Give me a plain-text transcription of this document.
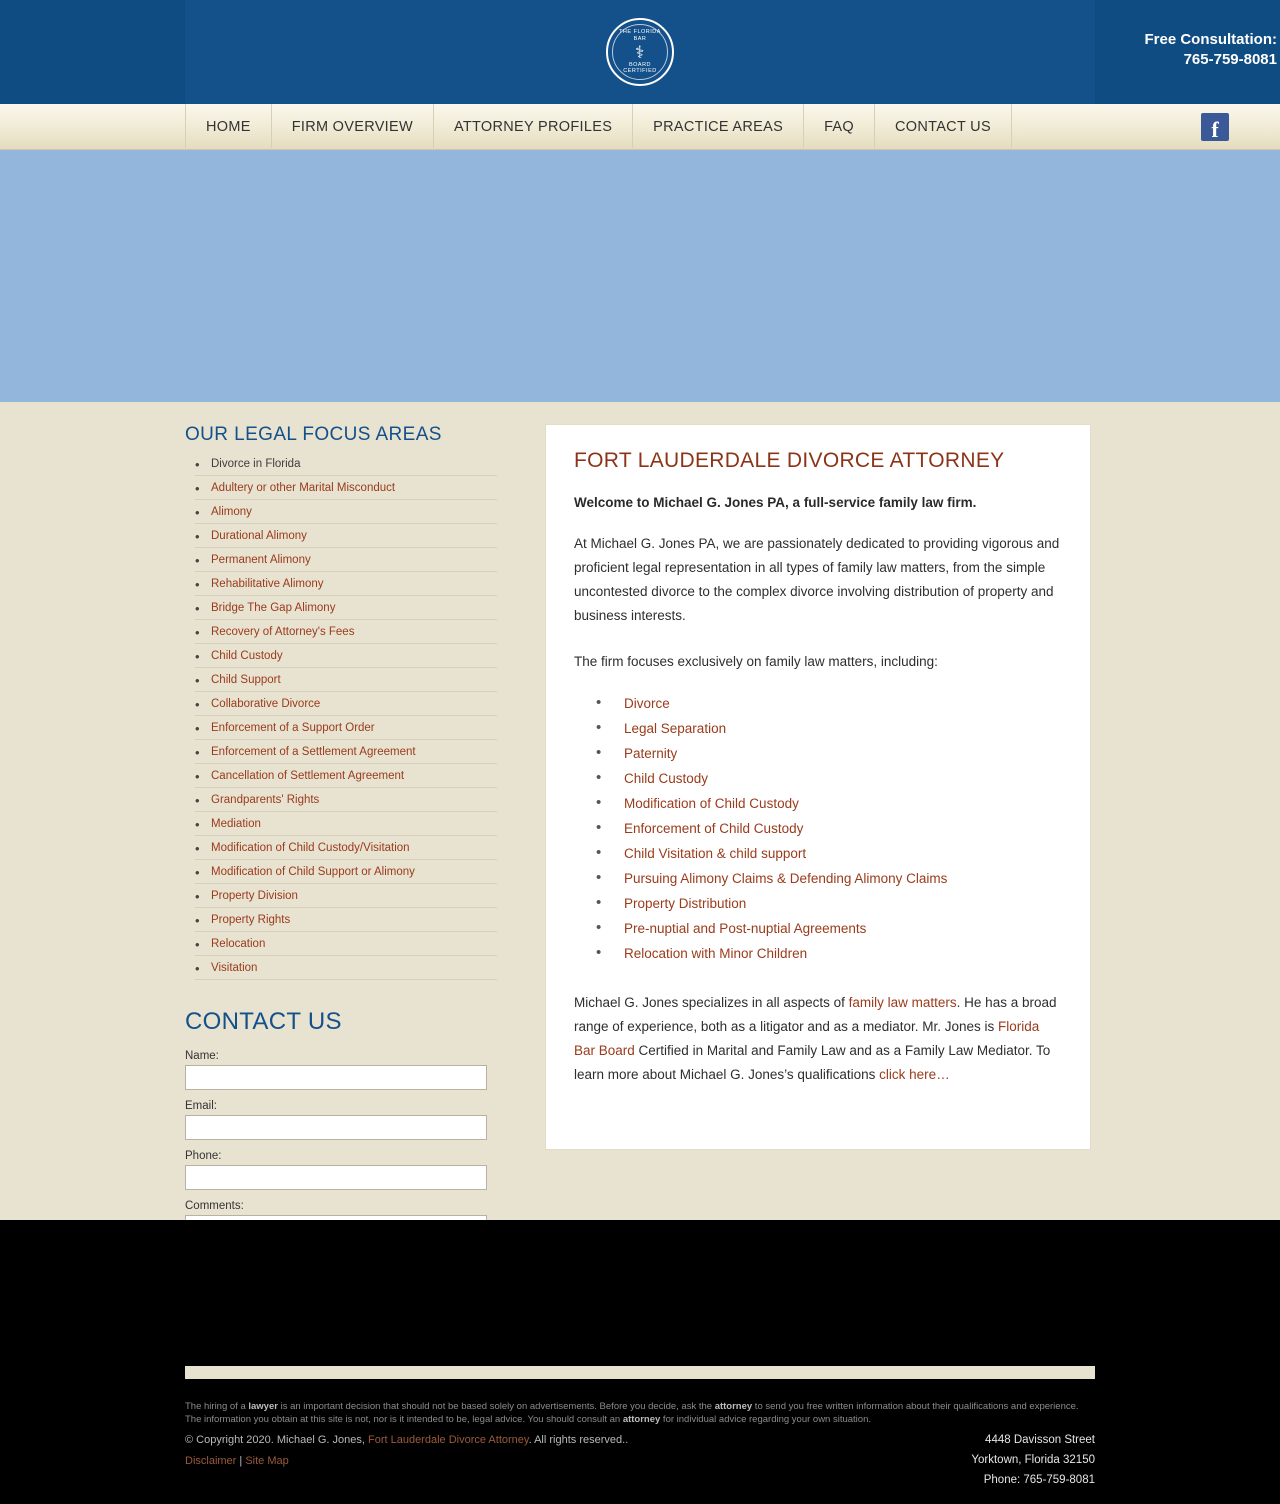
THE FLORIDA BAR
⚕
BOARD CERTIFIED
Free Consultation:
765-759-8081
HOME	FIRM OVERVIEW	ATTORNEY PROFILES	PRACTICE AREAS	FAQ	CONTACT US	f
OUR LEGAL FOCUS AREAS
• Divorce in Florida
• Adultery or other Marital Misconduct
• Alimony
• Durational Alimony
• Permanent Alimony
• Rehabilitative Alimony
• Bridge The Gap Alimony
• Recovery of Attorney's Fees
• Child Custody
• Child Support
• Collaborative Divorce
• Enforcement of a Support Order
• Enforcement of a Settlement Agreement
• Cancellation of Settlement Agreement
• Grandparents' Rights
• Mediation
• Modification of Child Custody/Visitation
• Modification of Child Support or Alimony
• Property Division
• Property Rights
• Relocation
• Visitation
CONTACT US
Name:
Email:
Phone:
Comments:
FORT LAUDERDALE DIVORCE ATTORNEY

Welcome to Michael G. Jones PA, a full-service family law firm.

At Michael G. Jones PA, we are passionately dedicated to providing vigorous and proficient legal representation in all types of family law matters, from the simple uncontested divorce to the complex divorce involving distribution of property and business interests.

The firm focuses exclusively on family law matters, including:

• Divorce
• Legal Separation
• Paternity
• Child Custody
• Modification of Child Custody
• Enforcement of Child Custody
• Child Visitation & child support
• Pursuing Alimony Claims & Defending Alimony Claims
• Property Distribution
• Pre-nuptial and Post-nuptial Agreements
• Relocation with Minor Children

Michael G. Jones specializes in all aspects of family law matters. He has a broad range of experience, both as a litigator and as a mediator. Mr. Jones is Florida Bar Board Certified in Marital and Family Law and as a Family Law Mediator. To learn more about Michael G. Jones’s qualifications click here…

The hiring of a lawyer is an important decision that should not be based solely on advertisements. Before you decide, ask the attorney to send you free written information about their qualifications and experience. The information you obtain at this site is not, nor is it intended to be, legal advice. You should consult an attorney for individual advice regarding your own situation.
© Copyright 2020. Michael G. Jones, Fort Lauderdale Divorce Attorney. All rights reserved.. Disclaimer | Site Map
4448 Davisson Street
Yorktown, Florida 32150
Phone: 765-759-8081
